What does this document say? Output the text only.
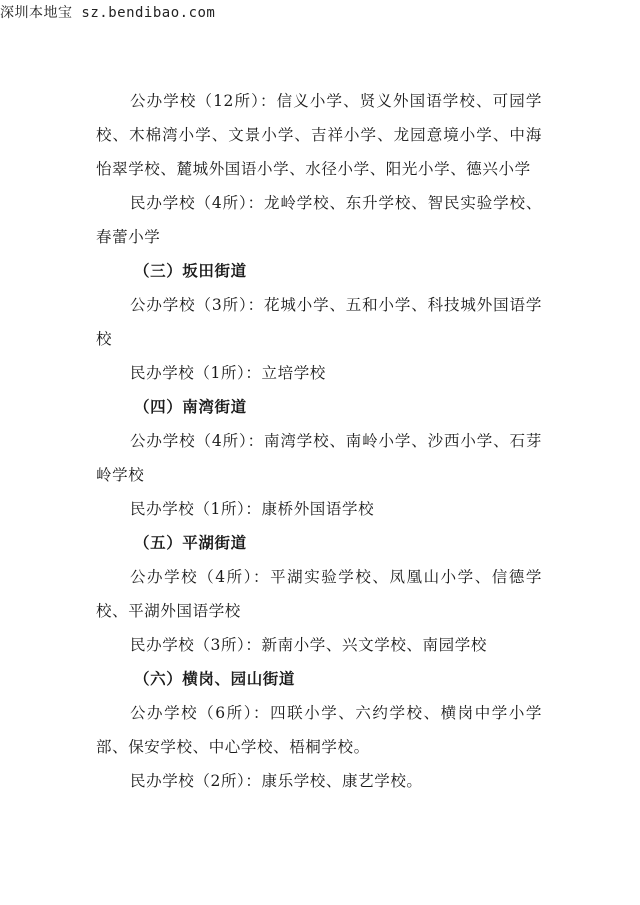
深圳本地宝 sz.bendibao.com

公办学校（12所）：信义小学、贤义外国语学校、可园学校、木棉湾小学、文景小学、吉祥小学、龙园意境小学、中海怡翠学校、麓城外国语小学、水径小学、阳光小学、德兴小学

民办学校（4所）：龙岭学校、东升学校、智民实验学校、春蕾小学

（三）坂田街道

公办学校（3所）：花城小学、五和小学、科技城外国语学校

民办学校（1所）：立培学校

（四）南湾街道

公办学校（4所）：南湾学校、南岭小学、沙西小学、石芽岭学校

民办学校（1所）：康桥外国语学校

（五）平湖街道

公办学校（4所）：平湖实验学校、凤凰山小学、信德学校、平湖外国语学校

民办学校（3所）：新南小学、兴文学校、南园学校

（六）横岗、园山街道

公办学校（6所）：四联小学、六约学校、横岗中学小学部、保安学校、中心学校、梧桐学校。

民办学校（2所）：康乐学校、康艺学校。
